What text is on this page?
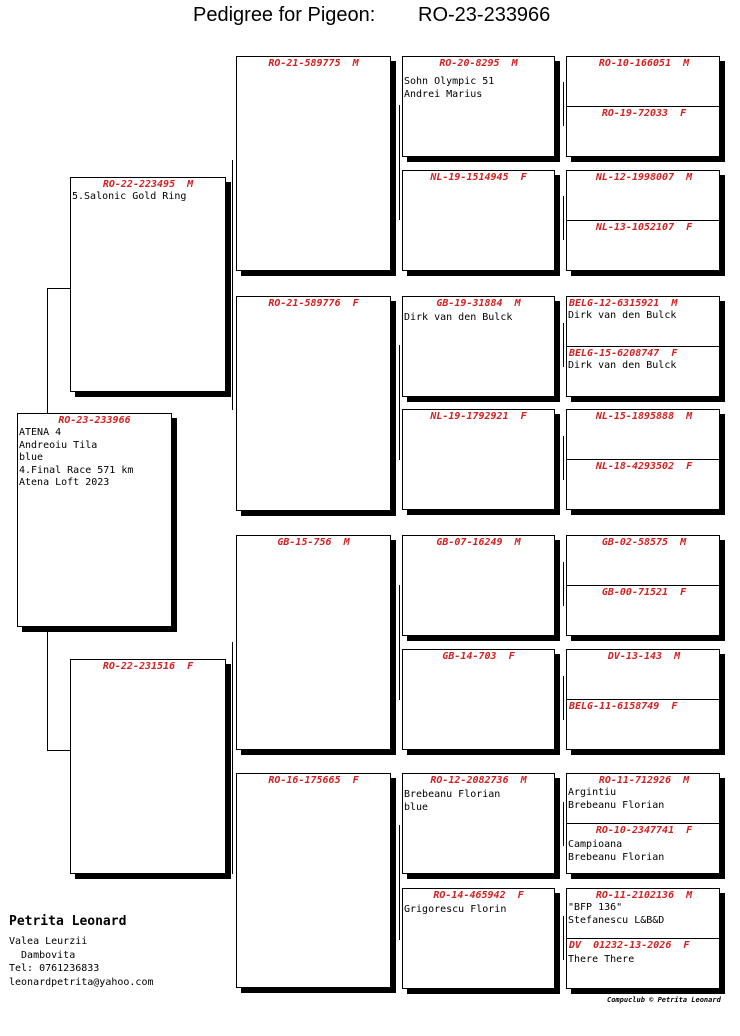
Pedigree for Pigeon: RO-23-233966
RO-23-233966
ATENA 4
Andreoiu Tila
blue
4.Final Race 571 km
Atena Loft 2023
RO-22-223495  M
5.Salonic Gold Ring
RO-22-231516  F
RO-21-589775  M
RO-21-589776  F
GB-15-756  M
RO-16-175665  F
RO-20-8295  M
Sohn Olympic 51
Andrei Marius
NL-19-1514945  F
GB-19-31884  M
Dirk van den Bulck
NL-19-1792921  F
GB-07-16249  M
GB-14-703  F
RO-12-2082736  M
Brebeanu Florian
blue
RO-14-465942  F
Grigorescu Florin
RO-10-166051  M
RO-19-72033  F
NL-12-1998007  M
NL-13-1052107  F
BELG-12-6315921  M
Dirk van den Bulck
BELG-15-6208747  F
Dirk van den Bulck
NL-15-1895888  M
NL-18-4293502  F
GB-02-58575  M
GB-00-71521  F
DV-13-143  M
BELG-11-6158749  F
RO-11-712926  M
Argintiu
Brebeanu Florian
RO-10-2347741  F
Campioana
Brebeanu Florian
RO-11-2102136  M
"BFP 136"
Stefanescu L&B&D
DV  01232-13-2026  F
There There
Petrita Leonard
Valea Leurzii
Dambovita
Tel: 0761236833
leonardpetrita@yahoo.com
Compuclub © Petrita Leonard
